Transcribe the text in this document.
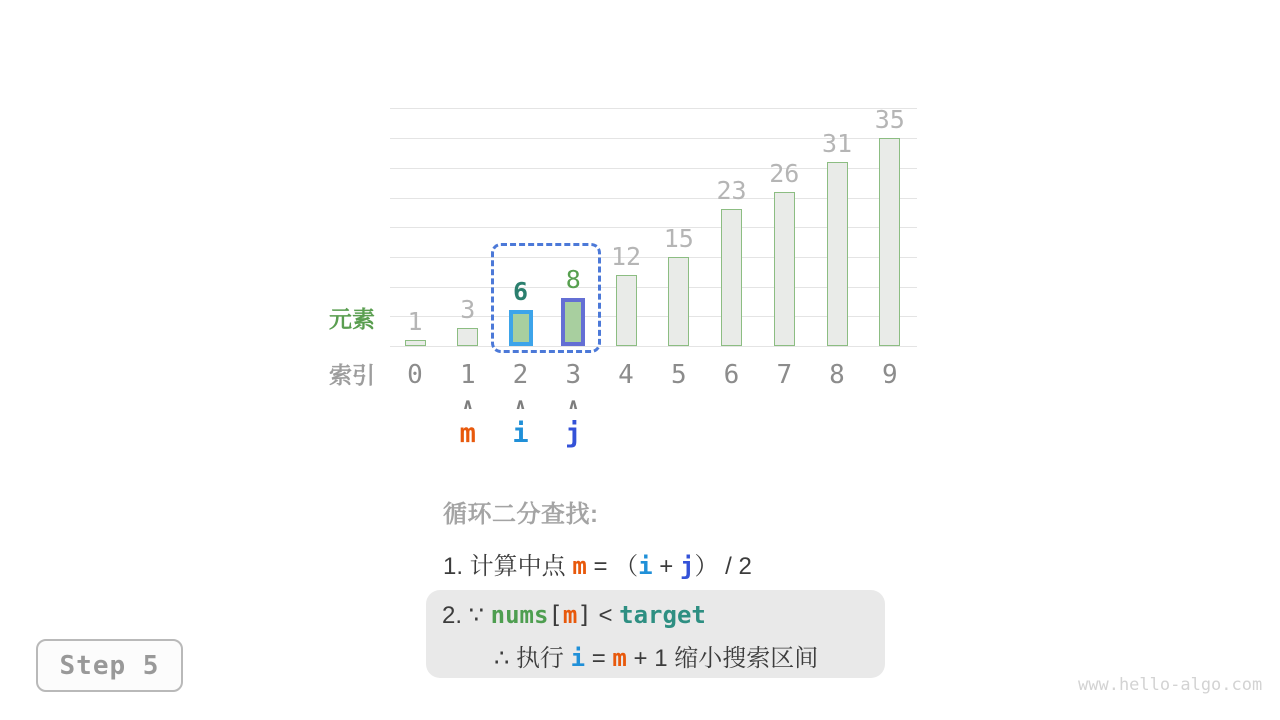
1
0
3
1
6
2
8
3
12
4
15
5
23
6
26
7
31
8
35
9
∧
m
∧
i
∧
j
元素
索引
循环二分查找:
1. 计算中点 m = （i + j） / 2
2. ∵ nums[m] < target
∴ 执行 i = m + 1 缩小搜索区间
Step 5
www.hello-algo.com
